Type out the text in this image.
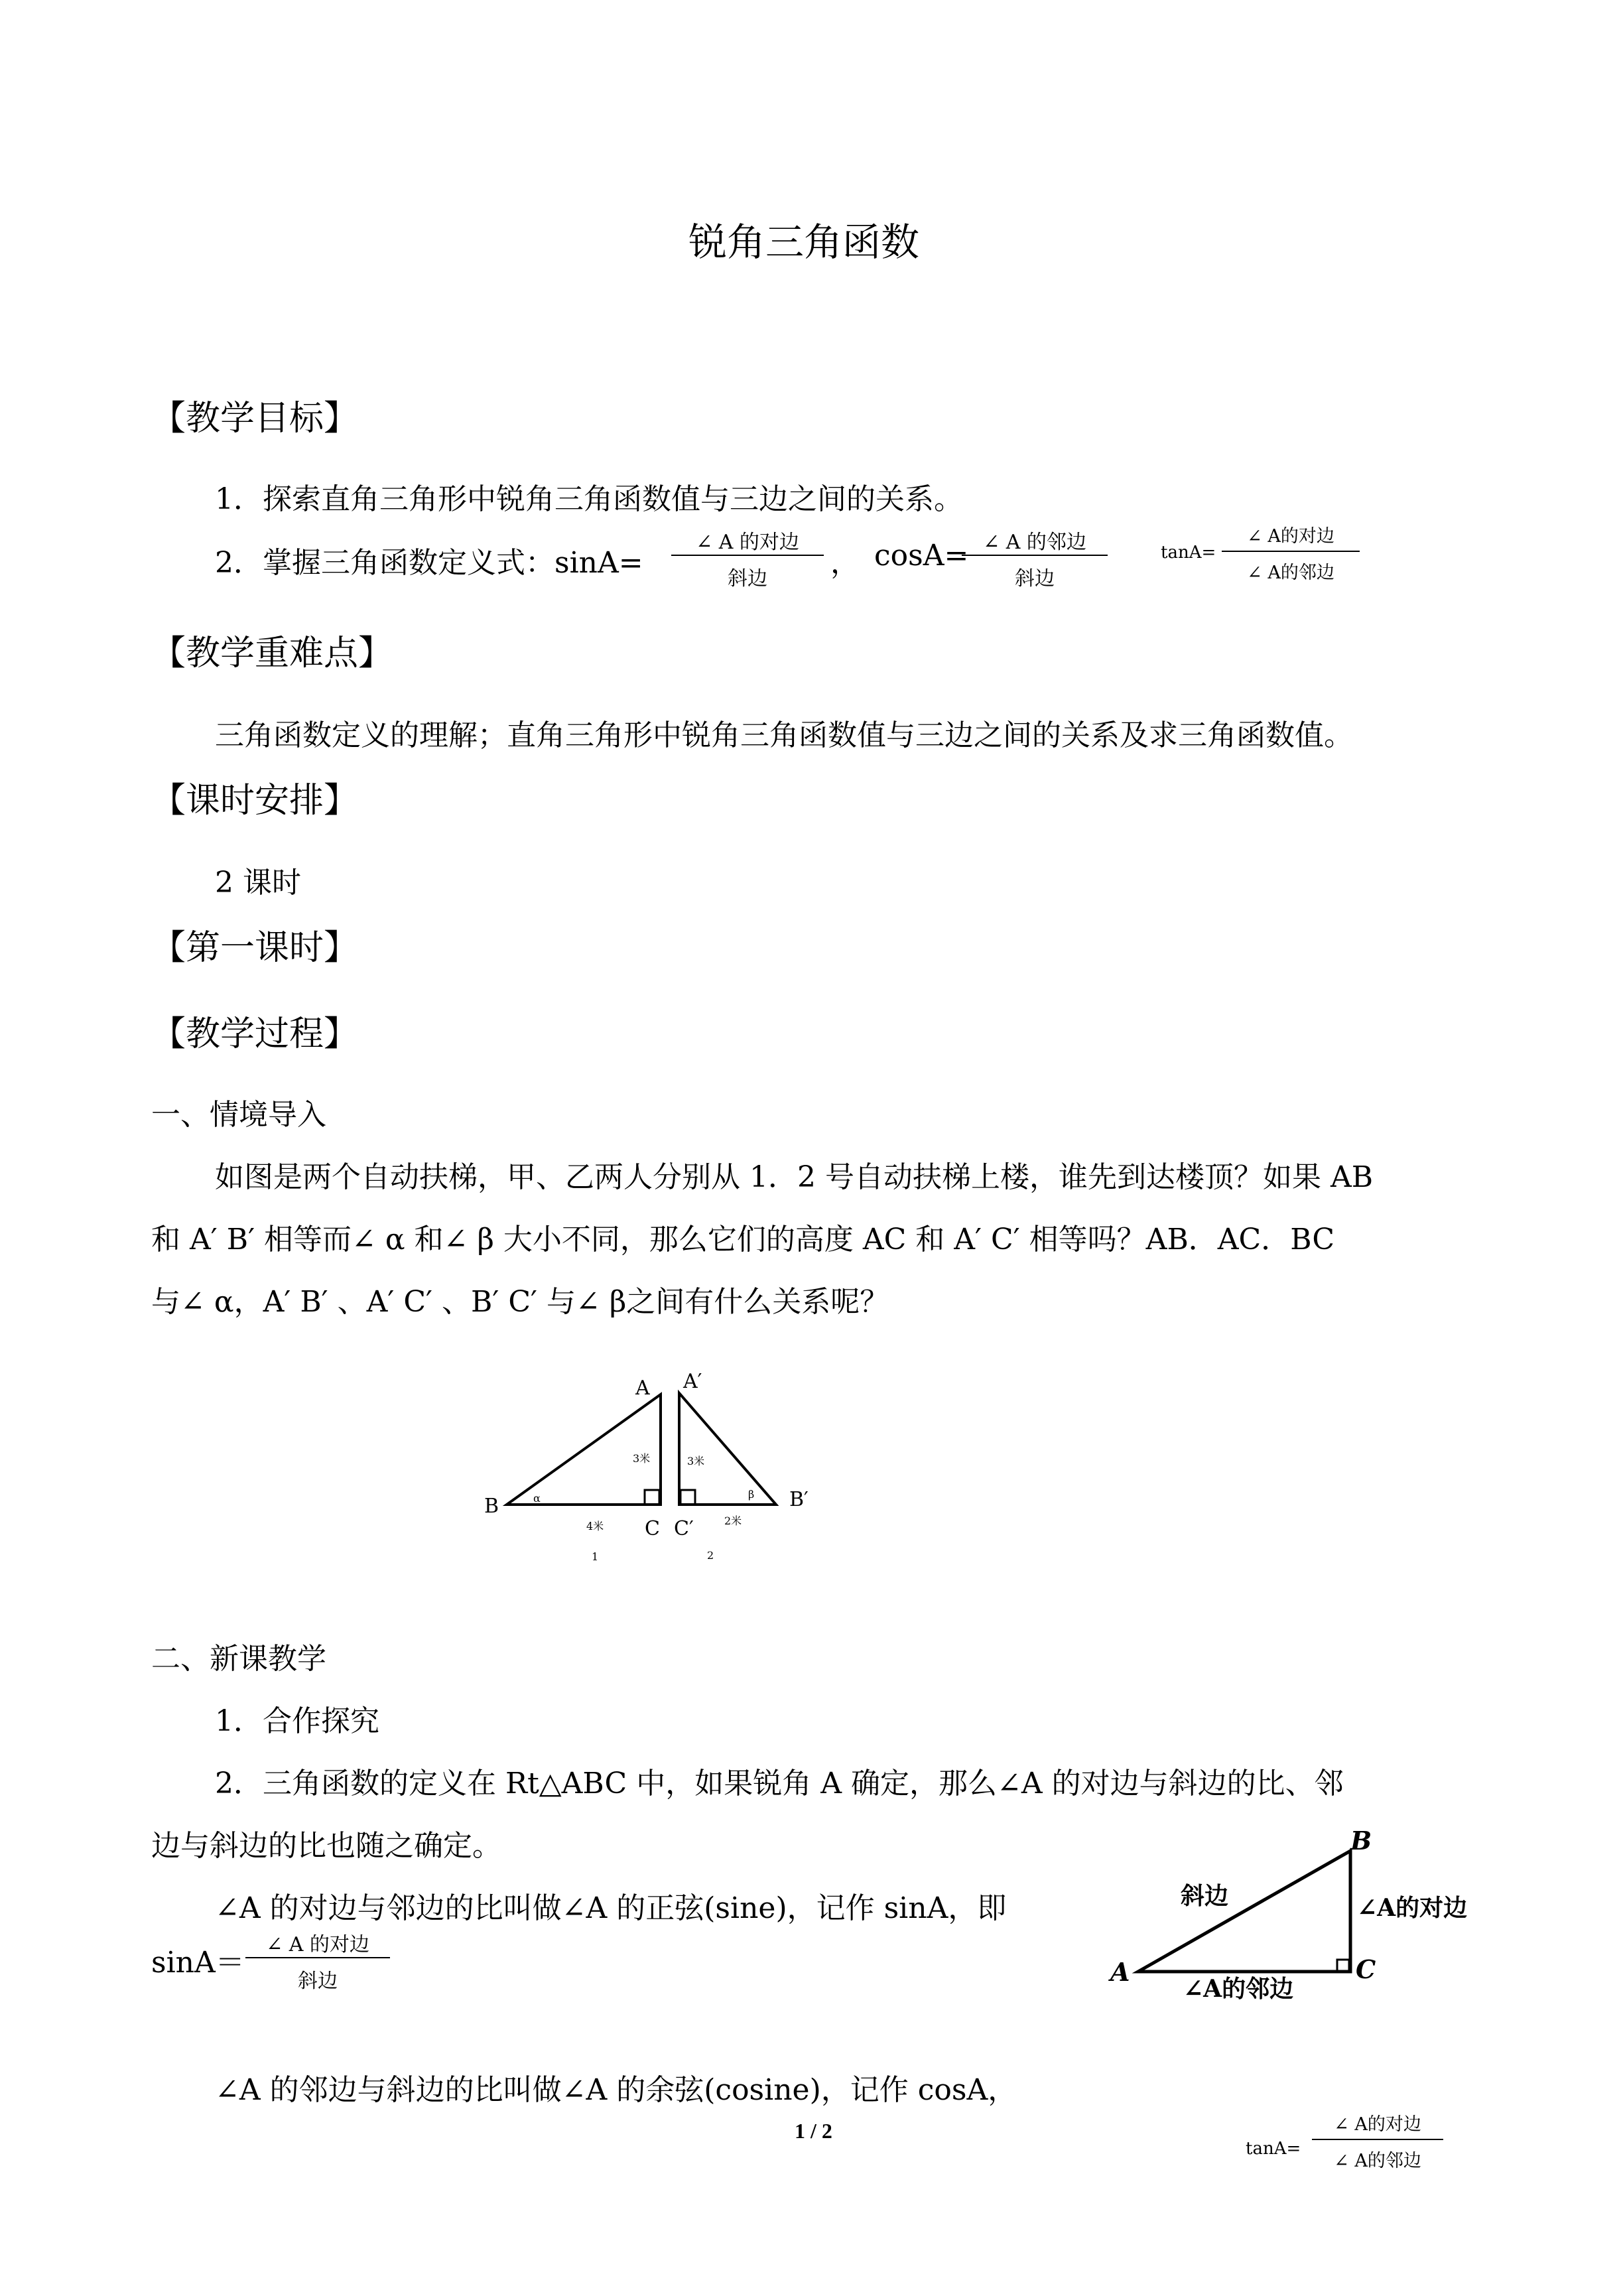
锐角三角函数
【教学目标】
1．探索直角三角形中锐角三角函数值与三边之间的关系。
2．掌握三角函数定义式：sinA=
∠ A 的对边
斜边	， cosA= ∠ A 的邻边
斜边
tanA=
∠ A的对边
∠ A的邻边
【教学重难点】
三角函数定义的理解；直角三角形中锐角三角函数值与三边之间的关系及求三角函数值。
【课时安排】
2 课时
【第一课时】
【教学过程】
一、情境导入
如图是两个自动扶梯，甲、乙两人分别从 1．2 号自动扶梯上楼，谁先到达楼顶？如果 AB
和 A′ B′ 相等而∠ α 和∠ β 大小不同，那么它们的高度 AC 和 A′ C′ 相等吗？AB．AC．BC
与∠ α，A′ B′ 、A′ C′ 、B′ C′ 与∠ β之间有什么关系呢？
A A′
B	B′
C C′
3米	3米
4米	2米
α	β
1	2
二、新课教学
1．合作探究
2．三角函数的定义在 Rt△ABC 中，如果锐角 A 确定，那么∠A 的对边与斜边的比、邻
边与斜边的比也随之确定。
∠A 的对边与邻边的比叫做∠A 的正弦(sine)，记作 sinA，即
sinA＝
∠ A 的对边
斜边
∠A 的邻边与斜边的比叫做∠A 的余弦(cosine)，记作 cosA，
A
B
C
斜边	∠A的对边
∠A的邻边
1 / 2
tanA=
∠ A的对边
∠ A的邻边
